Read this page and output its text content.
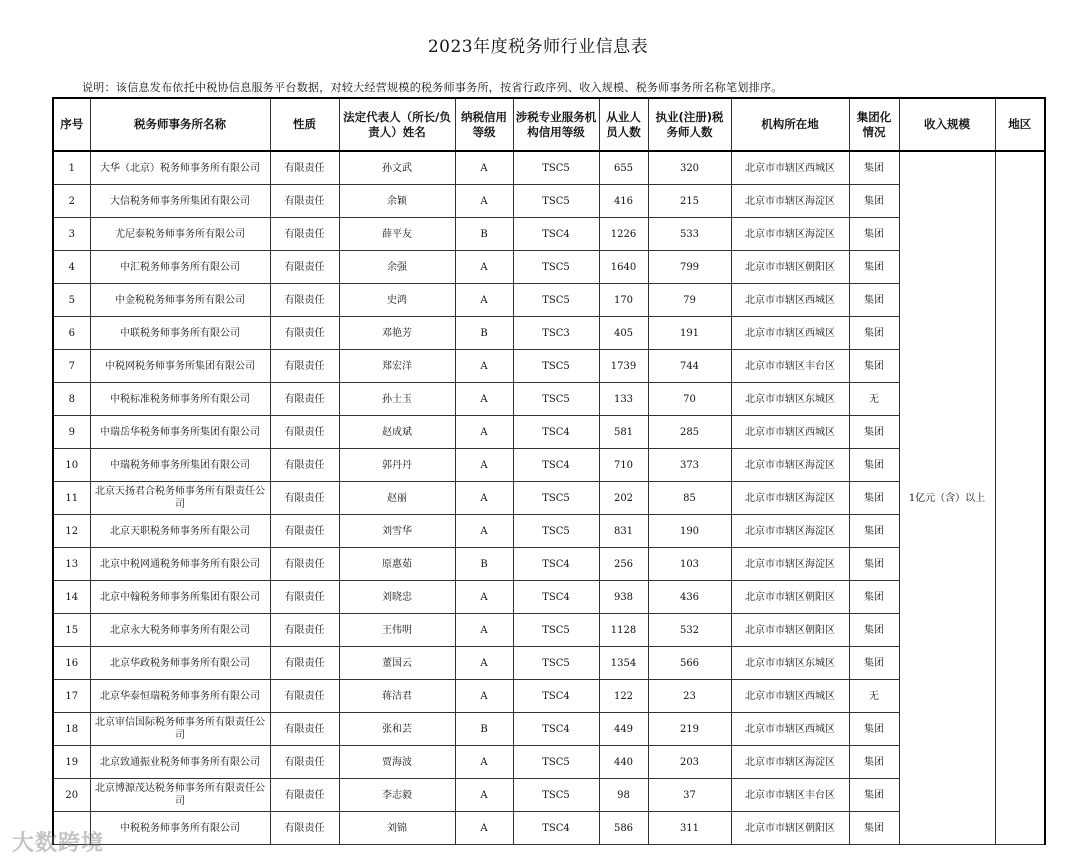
2023年度税务师行业信息表
说明：该信息发布依托中税协信息服务平台数据，对较大经营规模的税务师事务所，按省行政序列、收入规模、税务师事务所名称笔划排序。
序号	税务师事务所名称	性质	法定代表人（所长/负责人）姓名	纳税信用等级	涉税专业服务机构信用等级	从业人员人数	执业(注册)税务师人数	机构所在地	集团化情况	收入规模	地区
1	大华（北京）税务师事务所有限公司	有限责任	孙文武	A	TSC5	655	320	北京市市辖区西城区	集团	1亿元（含）以上	
2	大信税务师事务所集团有限公司	有限责任	余颖	A	TSC5	416	215	北京市市辖区海淀区	集团		
3	尤尼泰税务师事务所有限公司	有限责任	薛平友	B	TSC4	1226	533	北京市市辖区海淀区	集团		
4	中汇税务师事务所有限公司	有限责任	余强	A	TSC5	1640	799	北京市市辖区朝阳区	集团		
5	中金税税务师事务所有限公司	有限责任	史鸿	A	TSC5	170	79	北京市市辖区西城区	集团		
6	中联税务师事务所有限公司	有限责任	邓艳芳	B	TSC3	405	191	北京市市辖区西城区	集团		
7	中税网税务师事务所集团有限公司	有限责任	郑宏洋	A	TSC5	1739	744	北京市市辖区丰台区	集团		
8	中税标准税务师事务所有限公司	有限责任	孙士玉	A	TSC5	133	70	北京市市辖区东城区	无		
9	中瑞岳华税务师事务所集团有限公司	有限责任	赵成斌	A	TSC4	581	285	北京市市辖区西城区	集团		
10	中瑞税务师事务所集团有限公司	有限责任	郭丹丹	A	TSC4	710	373	北京市市辖区海淀区	集团		
11	北京天扬君合税务师事务所有限责任公司	有限责任	赵丽	A	TSC5	202	85	北京市市辖区海淀区	集团		
12	北京天职税务师事务所有限公司	有限责任	刘雪华	A	TSC5	831	190	北京市市辖区海淀区	集团		
13	北京中税网通税务师事务所有限公司	有限责任	原惠茹	B	TSC4	256	103	北京市市辖区海淀区	集团		
14	北京中翰税务师事务所集团有限公司	有限责任	刘晓忠	A	TSC4	938	436	北京市市辖区朝阳区	集团		
15	北京永大税务师事务所有限公司	有限责任	王伟明	A	TSC5	1128	532	北京市市辖区朝阳区	集团		
16	北京华政税务师事务所有限公司	有限责任	董国云	A	TSC5	1354	566	北京市市辖区东城区	集团		
17	北京华泰恒瑞税务师事务所有限公司	有限责任	蒋洁君	A	TSC4	122	23	北京市市辖区西城区	无		
18	北京审信国际税务师事务所有限责任公司	有限责任	张和芸	B	TSC4	449	219	北京市市辖区西城区	集团		
19	北京致通振业税务师事务所有限公司	有限责任	贾海波	A	TSC5	440	203	北京市市辖区海淀区	集团		
20	北京博源茂达税务师事务所有限责任公司	有限责任	李志毅	A	TSC5	98	37	北京市市辖区丰台区	集团		
	中税税务师事务所有限公司	有限责任	刘锦	A	TSC4	586	311	北京市市辖区朝阳区	集团		
大数跨境
